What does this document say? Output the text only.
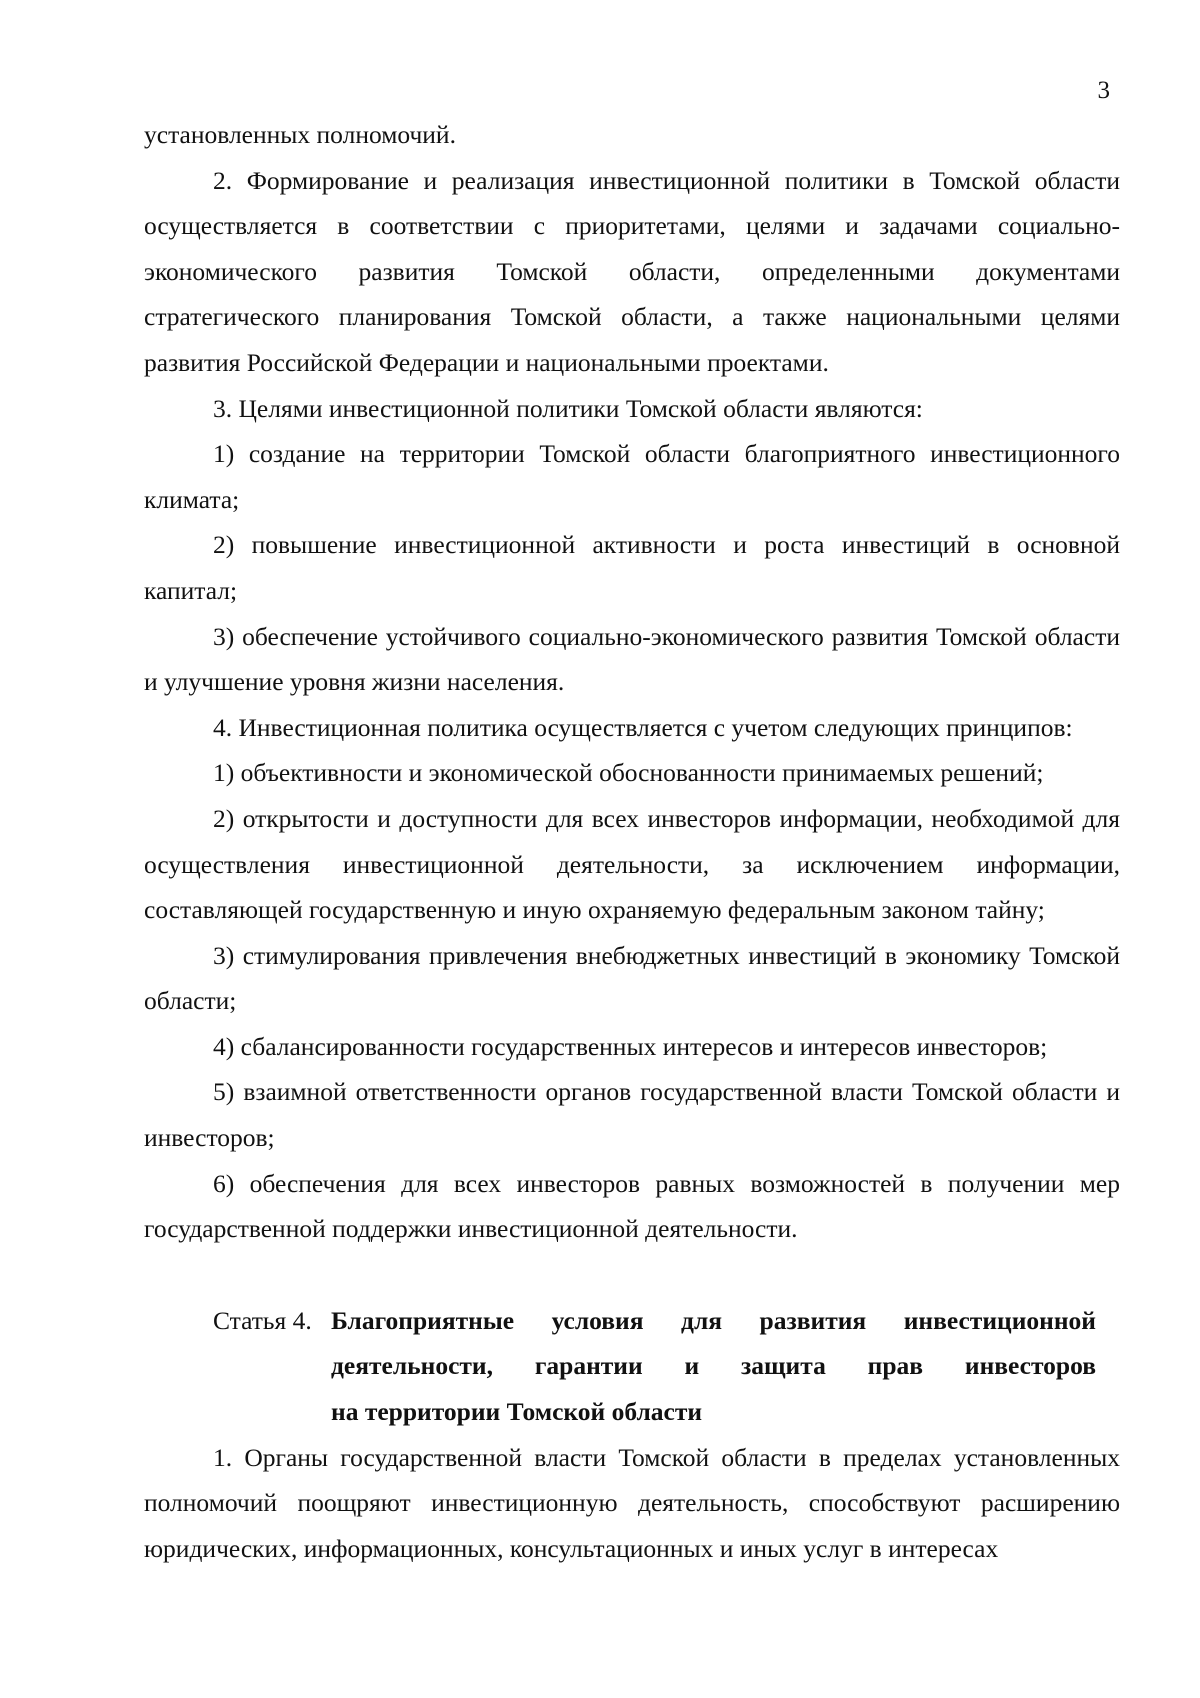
3

установленных полномочий.

2. Формирование и реализация инвестиционной политики в Томской области осуществляется в соответствии с приоритетами, целями и задачами социально-экономического развития Томской области, определенными документами стратегического планирования Томской области, а также национальными целями развития Российской Федерации и национальными проектами.

3. Целями инвестиционной политики Томской области являются:

1) создание на территории Томской области благоприятного инвестиционного климата;

2) повышение инвестиционной активности и роста инвестиций в основной капитал;

3) обеспечение устойчивого социально-экономического развития Томской области и улучшение уровня жизни населения.

4. Инвестиционная политика осуществляется с учетом следующих принципов:

1) объективности и экономической обоснованности принимаемых решений;

2) открытости и доступности для всех инвесторов информации, необходимой для осуществления инвестиционной деятельности, за исключением информации, составляющей государственную и иную охраняемую федеральным законом тайну;

3) стимулирования привлечения внебюджетных инвестиций в экономику Томской области;

4) сбалансированности государственных интересов и интересов инвесторов;

5) взаимной ответственности органов государственной власти Томской области и инвесторов;

6) обеспечения для всех инвесторов равных возможностей в получении мер государственной поддержки инвестиционной деятельности.

Статья 4. Благоприятные условия для развития инвестиционной
деятельности, гарантии и защита прав инвесторов
на территории Томской области

1. Органы государственной власти Томской области в пределах установленных полномочий поощряют инвестиционную деятельность, способствуют расширению юридических, информационных, консультационных и иных услуг в интересах
